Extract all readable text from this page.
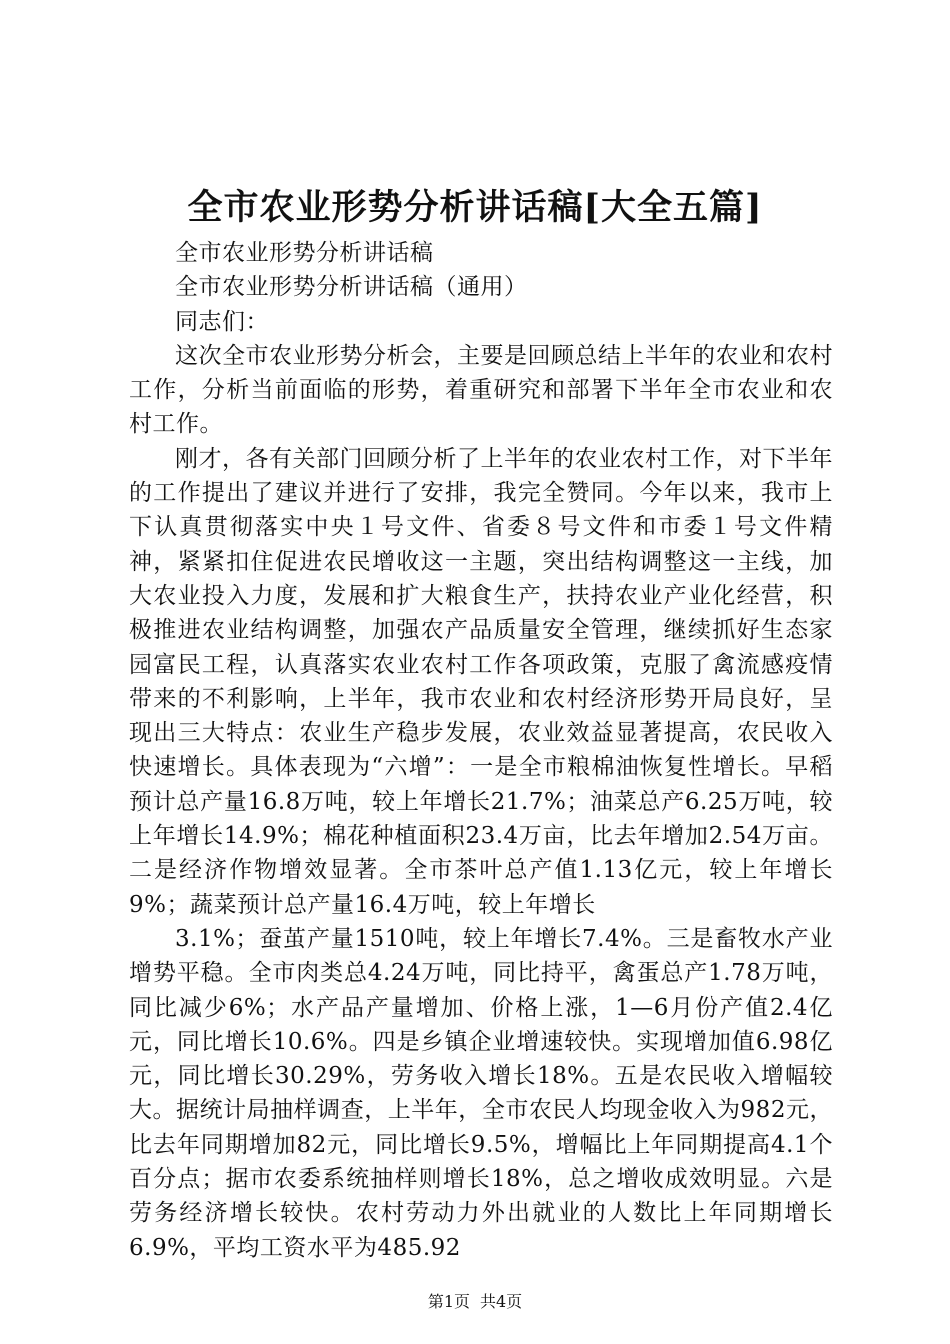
全市农业形势分析讲话稿[大全五篇]

全市农业形势分析讲话稿

全市农业形势分析讲话稿（通用）

同志们：

这次全市农业形势分析会，主要是回顾总结上半年的农业和农村工作，分析当前面临的形势，着重研究和部署下半年全市农业和农村工作。

刚才，各有关部门回顾分析了上半年的农业农村工作，对下半年的工作提出了建议并进行了安排，我完全赞同。今年以来，我市上下认真贯彻落实中央１号文件、省委８号文件和市委１号文件精神，紧紧扣住促进农民增收这一主题，突出结构调整这一主线，加大农业投入力度，发展和扩大粮食生产，扶持农业产业化经营，积极推进农业结构调整，加强农产品质量安全管理，继续抓好生态家园富民工程，认真落实农业农村工作各项政策，克服了禽流感疫情带来的不利影响，上半年，我市农业和农村经济形势开局良好，呈现出三大特点：农业生产稳步发展，农业效益显著提高，农民收入快速增长。具体表现为“六增”：一是全市粮棉油恢复性增长。早稻预计总产量16.8万吨，较上年增长21.7%；油菜总产6.25万吨，较上年增长14.9%；棉花种植面积23.4万亩，比去年增加2.54万亩。二是经济作物增效显著。全市茶叶总产值1.13亿元，较上年增长9%；蔬菜预计总产量16.4万吨，较上年增长

3.1%；蚕茧产量1510吨，较上年增长7.4%。三是畜牧水产业增势平稳。全市肉类总4.24万吨，同比持平，禽蛋总产1.78万吨，同比减少6%；水产品产量增加、价格上涨，1—6月份产值2.4亿元，同比增长10.6%。四是乡镇企业增速较快。实现增加值6.98亿元，同比增长30.29%，劳务收入增长18%。五是农民收入增幅较大。据统计局抽样调查，上半年，全市农民人均现金收入为982元，比去年同期增加82元，同比增长9.5%，增幅比上年同期提高4.1个百分点；据市农委系统抽样则增长18%，总之增收成效明显。六是劳务经济增长较快。农村劳动力外出就业的人数比上年同期增长6.9%，平均工资水平为485.92

第1页 共4页
